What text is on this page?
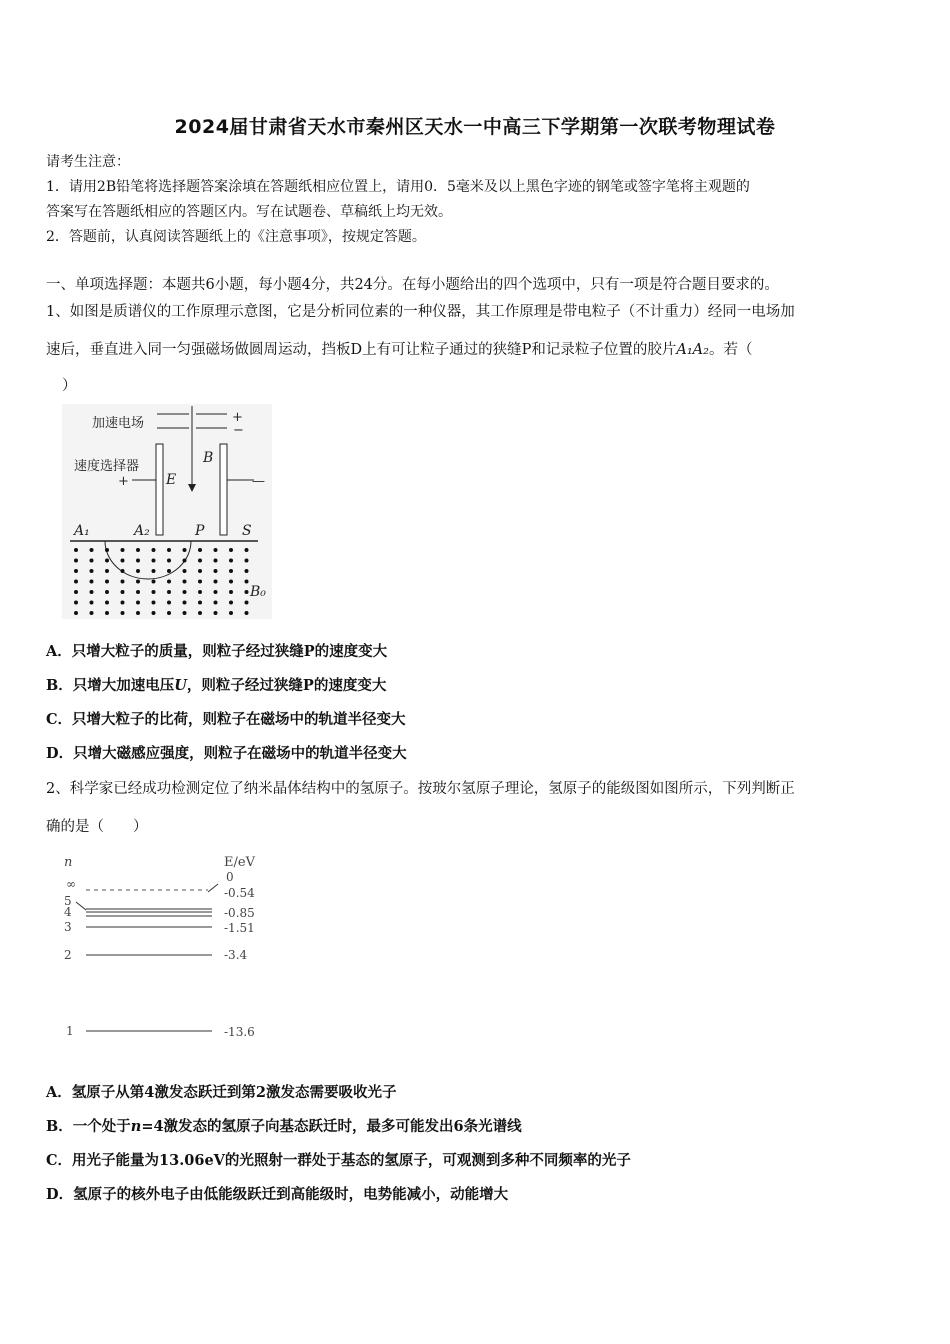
2024届甘肃省天水市秦州区天水一中高三下学期第一次联考物理试卷
请考生注意：
1．请用2B铅笔将选择题答案涂填在答题纸相应位置上，请用0．5毫米及以上黑色字迹的钢笔或签字笔将主观题的
答案写在答题纸相应的答题区内。写在试题卷、草稿纸上均无效。
2．答题前，认真阅读答题纸上的《注意事项》，按规定答题。
一、单项选择题：本题共6小题，每小题4分，共24分。在每小题给出的四个选项中，只有一项是符合题目要求的。
1、如图是质谱仪的工作原理示意图，它是分析同位素的一种仪器，其工作原理是带电粒子（不计重力）经同一电场加
速后，垂直进入同一匀强磁场做圆周运动，挡板D上有可让粒子通过的狭缝P和记录粒子位置的胶片A₁A₂。若（
）
加速电场	+
−
速度选择器
+	—
E
B
A₁	A₂	P	S
B₀
A．只增大粒子的质量，则粒子经过狭缝P的速度变大
B．只增大加速电压U，则粒子经过狭缝P的速度变大
C．只增大粒子的比荷，则粒子在磁场中的轨道半径变大
D．只增大磁感应强度，则粒子在磁场中的轨道半径变大
2、科学家已经成功检测定位了纳米晶体结构中的氢原子。按玻尔氢原子理论，氢原子的能级图如图所示，下列判断正
确的是（　　）
n	E/eV
∞
5
4
3
2
1
0
-0.54
-0.85
-1.51
-3.4
-13.6
A．氢原子从第4激发态跃迁到第2激发态需要吸收光子
B．一个处于n=4激发态的氢原子向基态跃迁时，最多可能发出6条光谱线
C．用光子能量为13.06eV的光照射一群处于基态的氢原子，可观测到多种不同频率的光子
D．氢原子的核外电子由低能级跃迁到高能级时，电势能减小，动能增大
